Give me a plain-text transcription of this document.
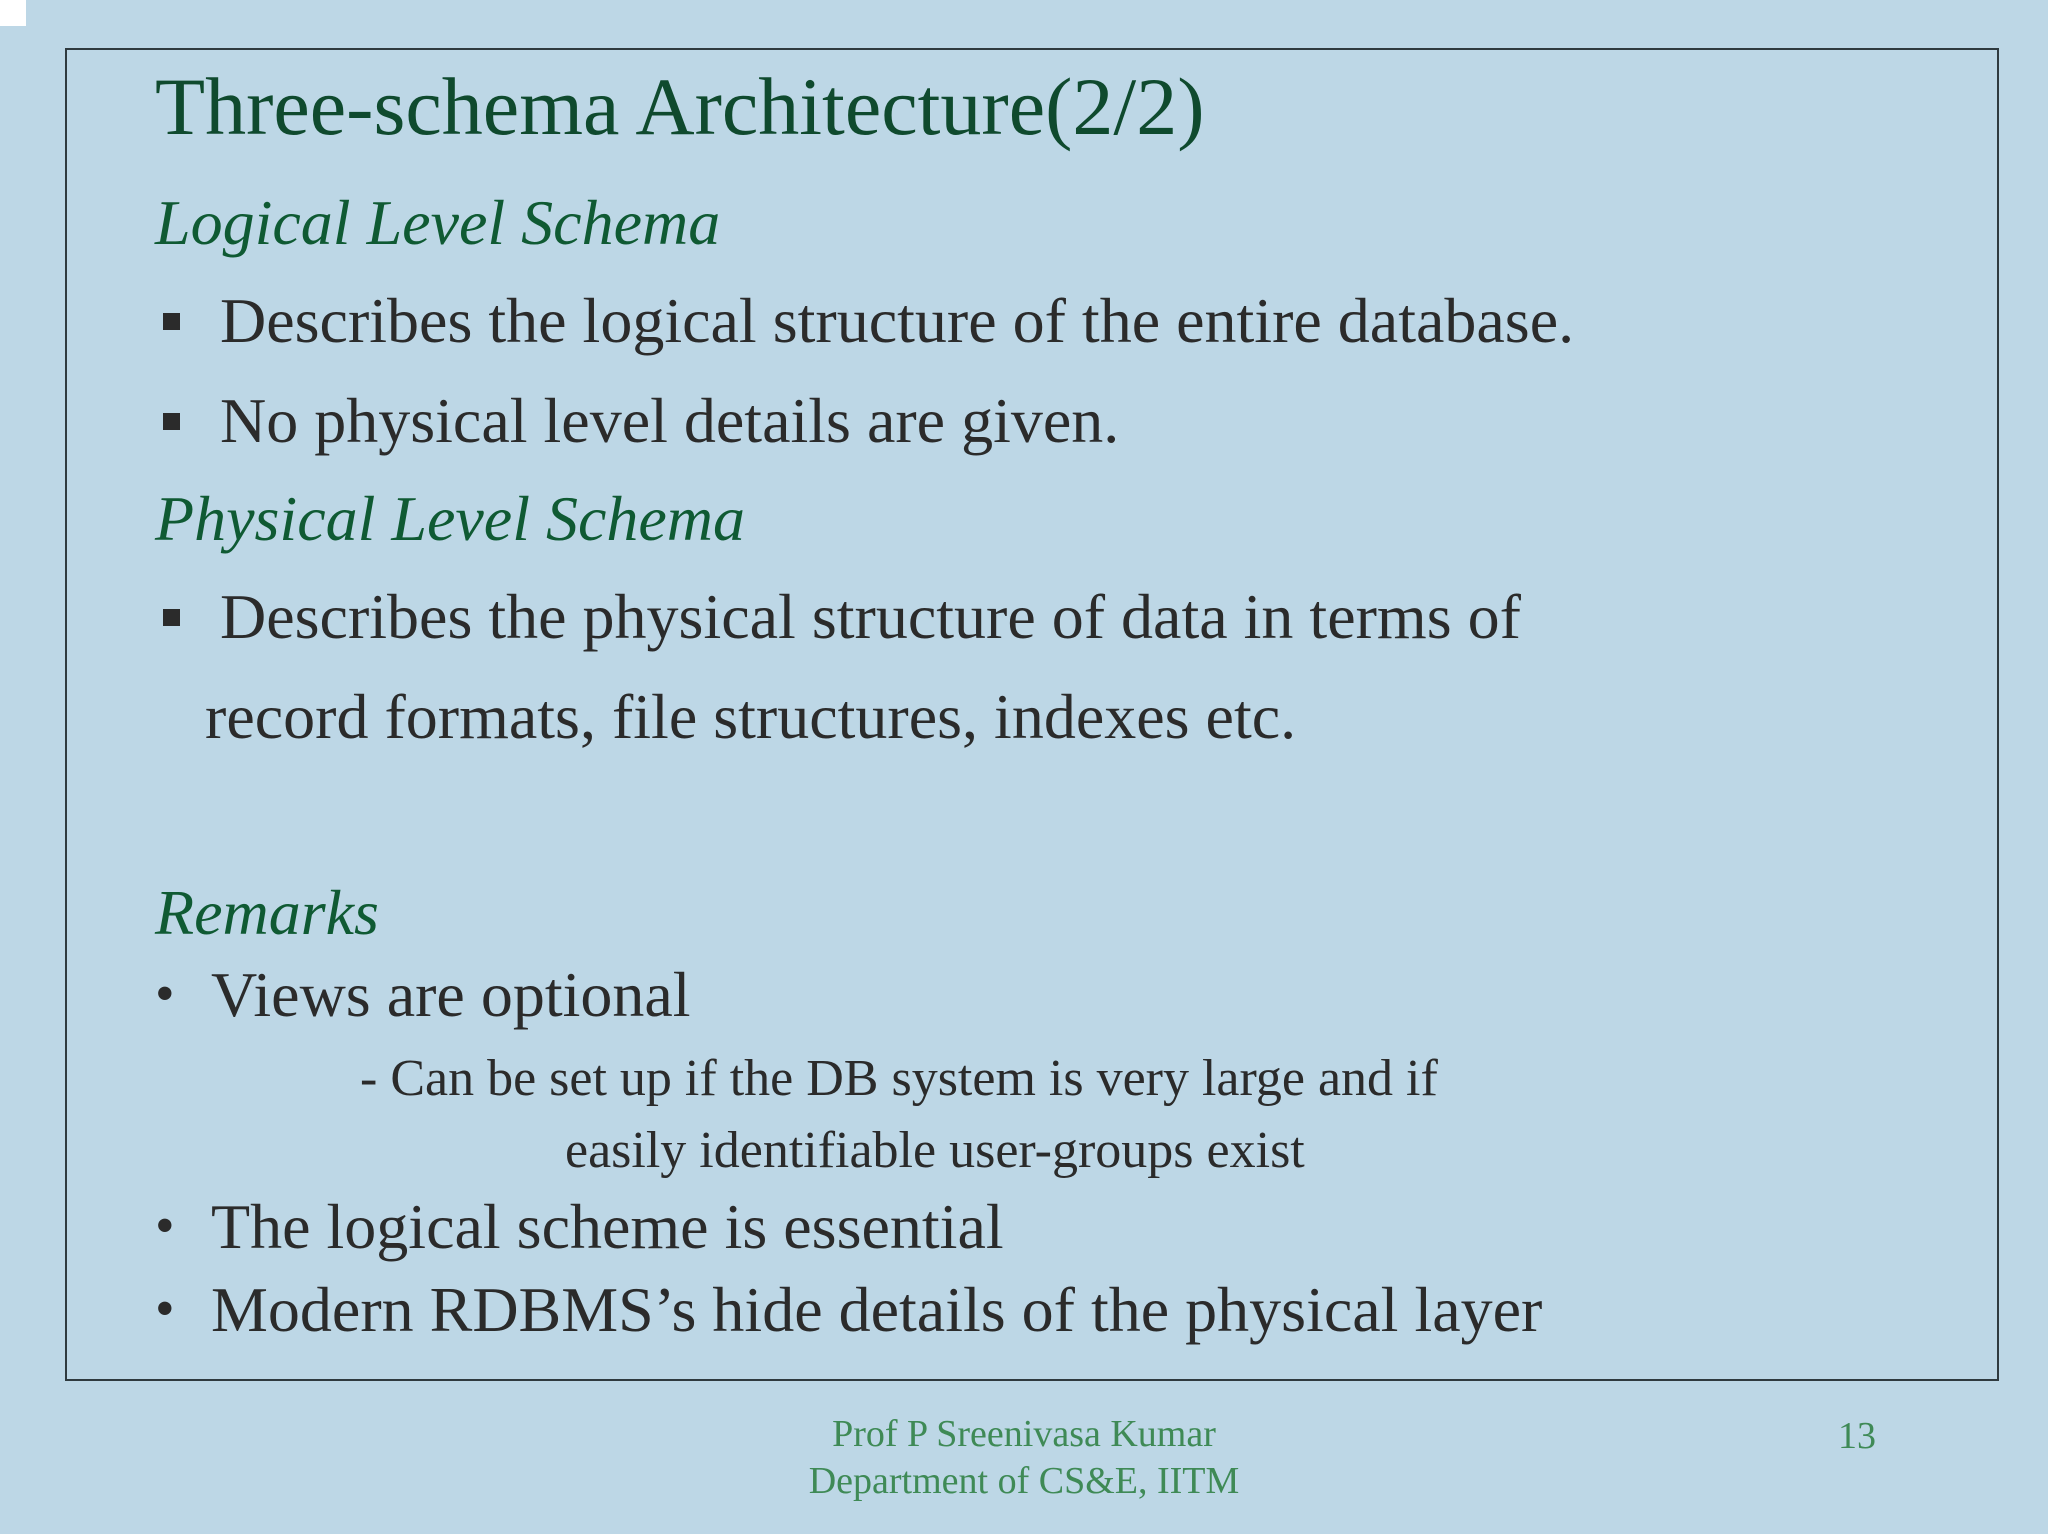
Three-schema Architecture(2/2)
Logical Level Schema
Describes the logical structure of the entire database.
No physical level details are given.
Physical Level Schema
Describes the physical structure of data in terms of
record formats, file structures, indexes etc.
Remarks
• Views are optional
- Can be set up if the DB system is very large and if
easily identifiable user-groups exist
• The logical scheme is essential
• Modern RDBMS’s hide details of the physical layer
Prof P Sreenivasa Kumar
Department of CS&E, IITM
13
